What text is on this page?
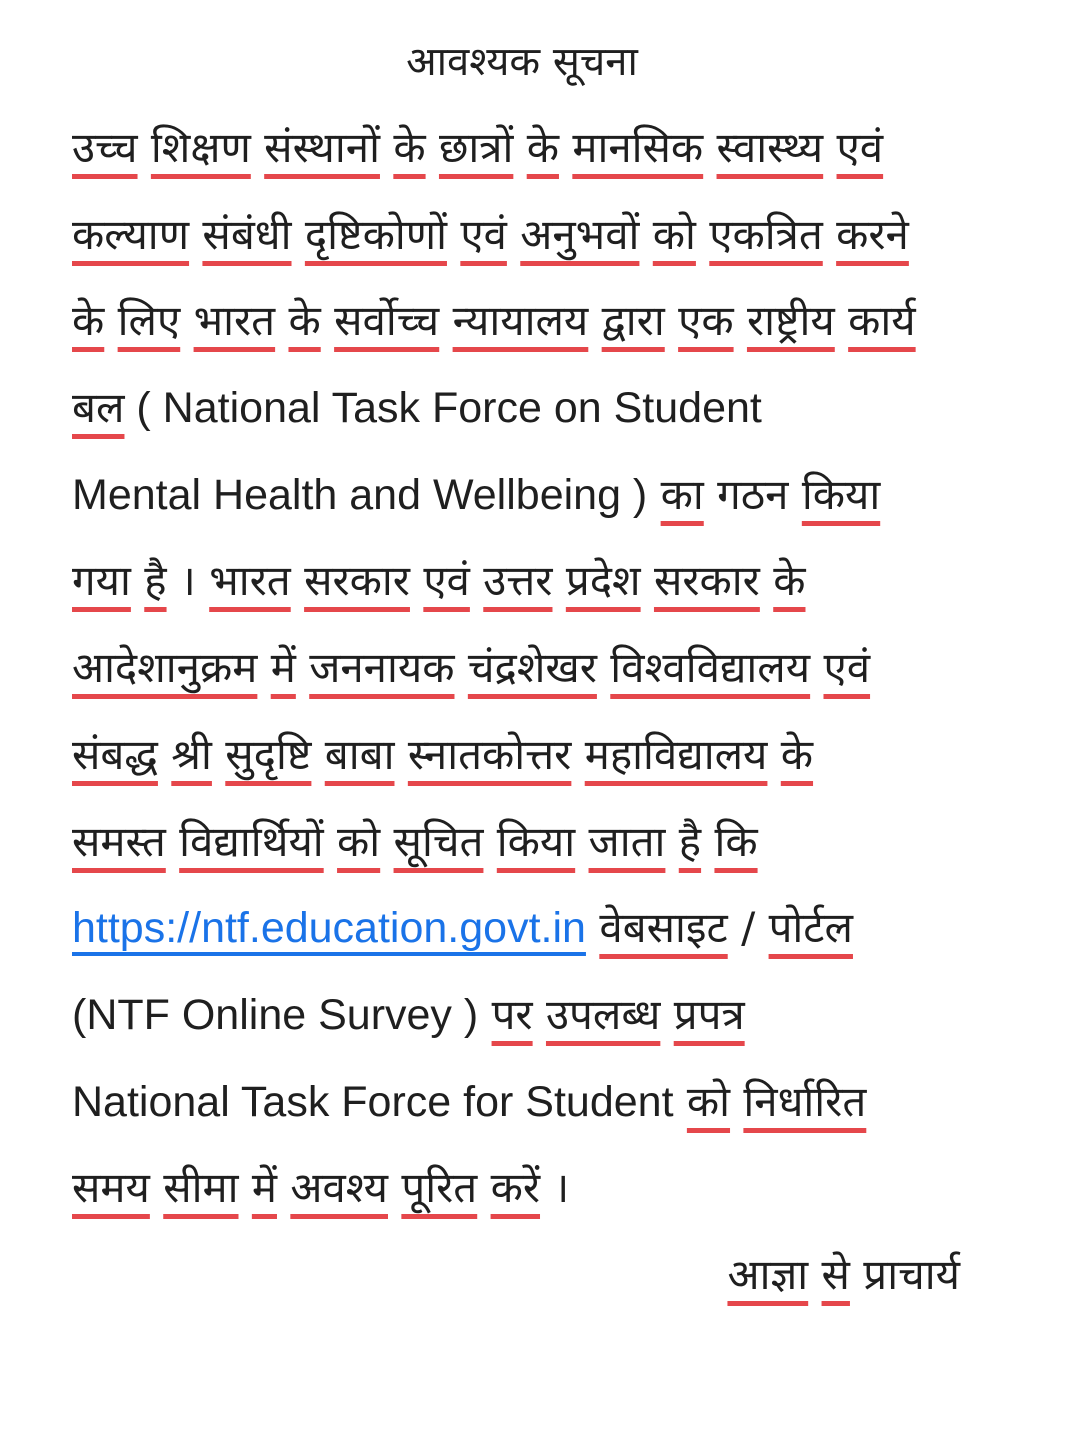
आवश्यक सूचना
उच्च शिक्षण संस्थानों के छात्रों के मानसिक स्वास्थ्य एवं
कल्याण संबंधी दृष्टिकोणों एवं अनुभवों को एकत्रित करने
के लिए भारत के सर्वोच्च न्यायालय द्वारा एक राष्ट्रीय कार्य
बल ( National Task Force on Student
Mental Health and Wellbeing ) का गठन किया
गया है । भारत सरकार एवं उत्तर प्रदेश सरकार के
आदेशानुक्रम में जननायक चंद्रशेखर विश्वविद्यालय एवं
संबद्ध श्री सुदृष्टि बाबा स्नातकोत्तर महाविद्यालय के
समस्त विद्यार्थियों को सूचित किया जाता है कि
https://ntf.education.govt.in वेबसाइट / पोर्टल
(NTF Online Survey ) पर उपलब्ध प्रपत्र
National Task Force for Student को निर्धारित
समय सीमा में अवश्य पूरित करें ।
आज्ञा से प्राचार्य
